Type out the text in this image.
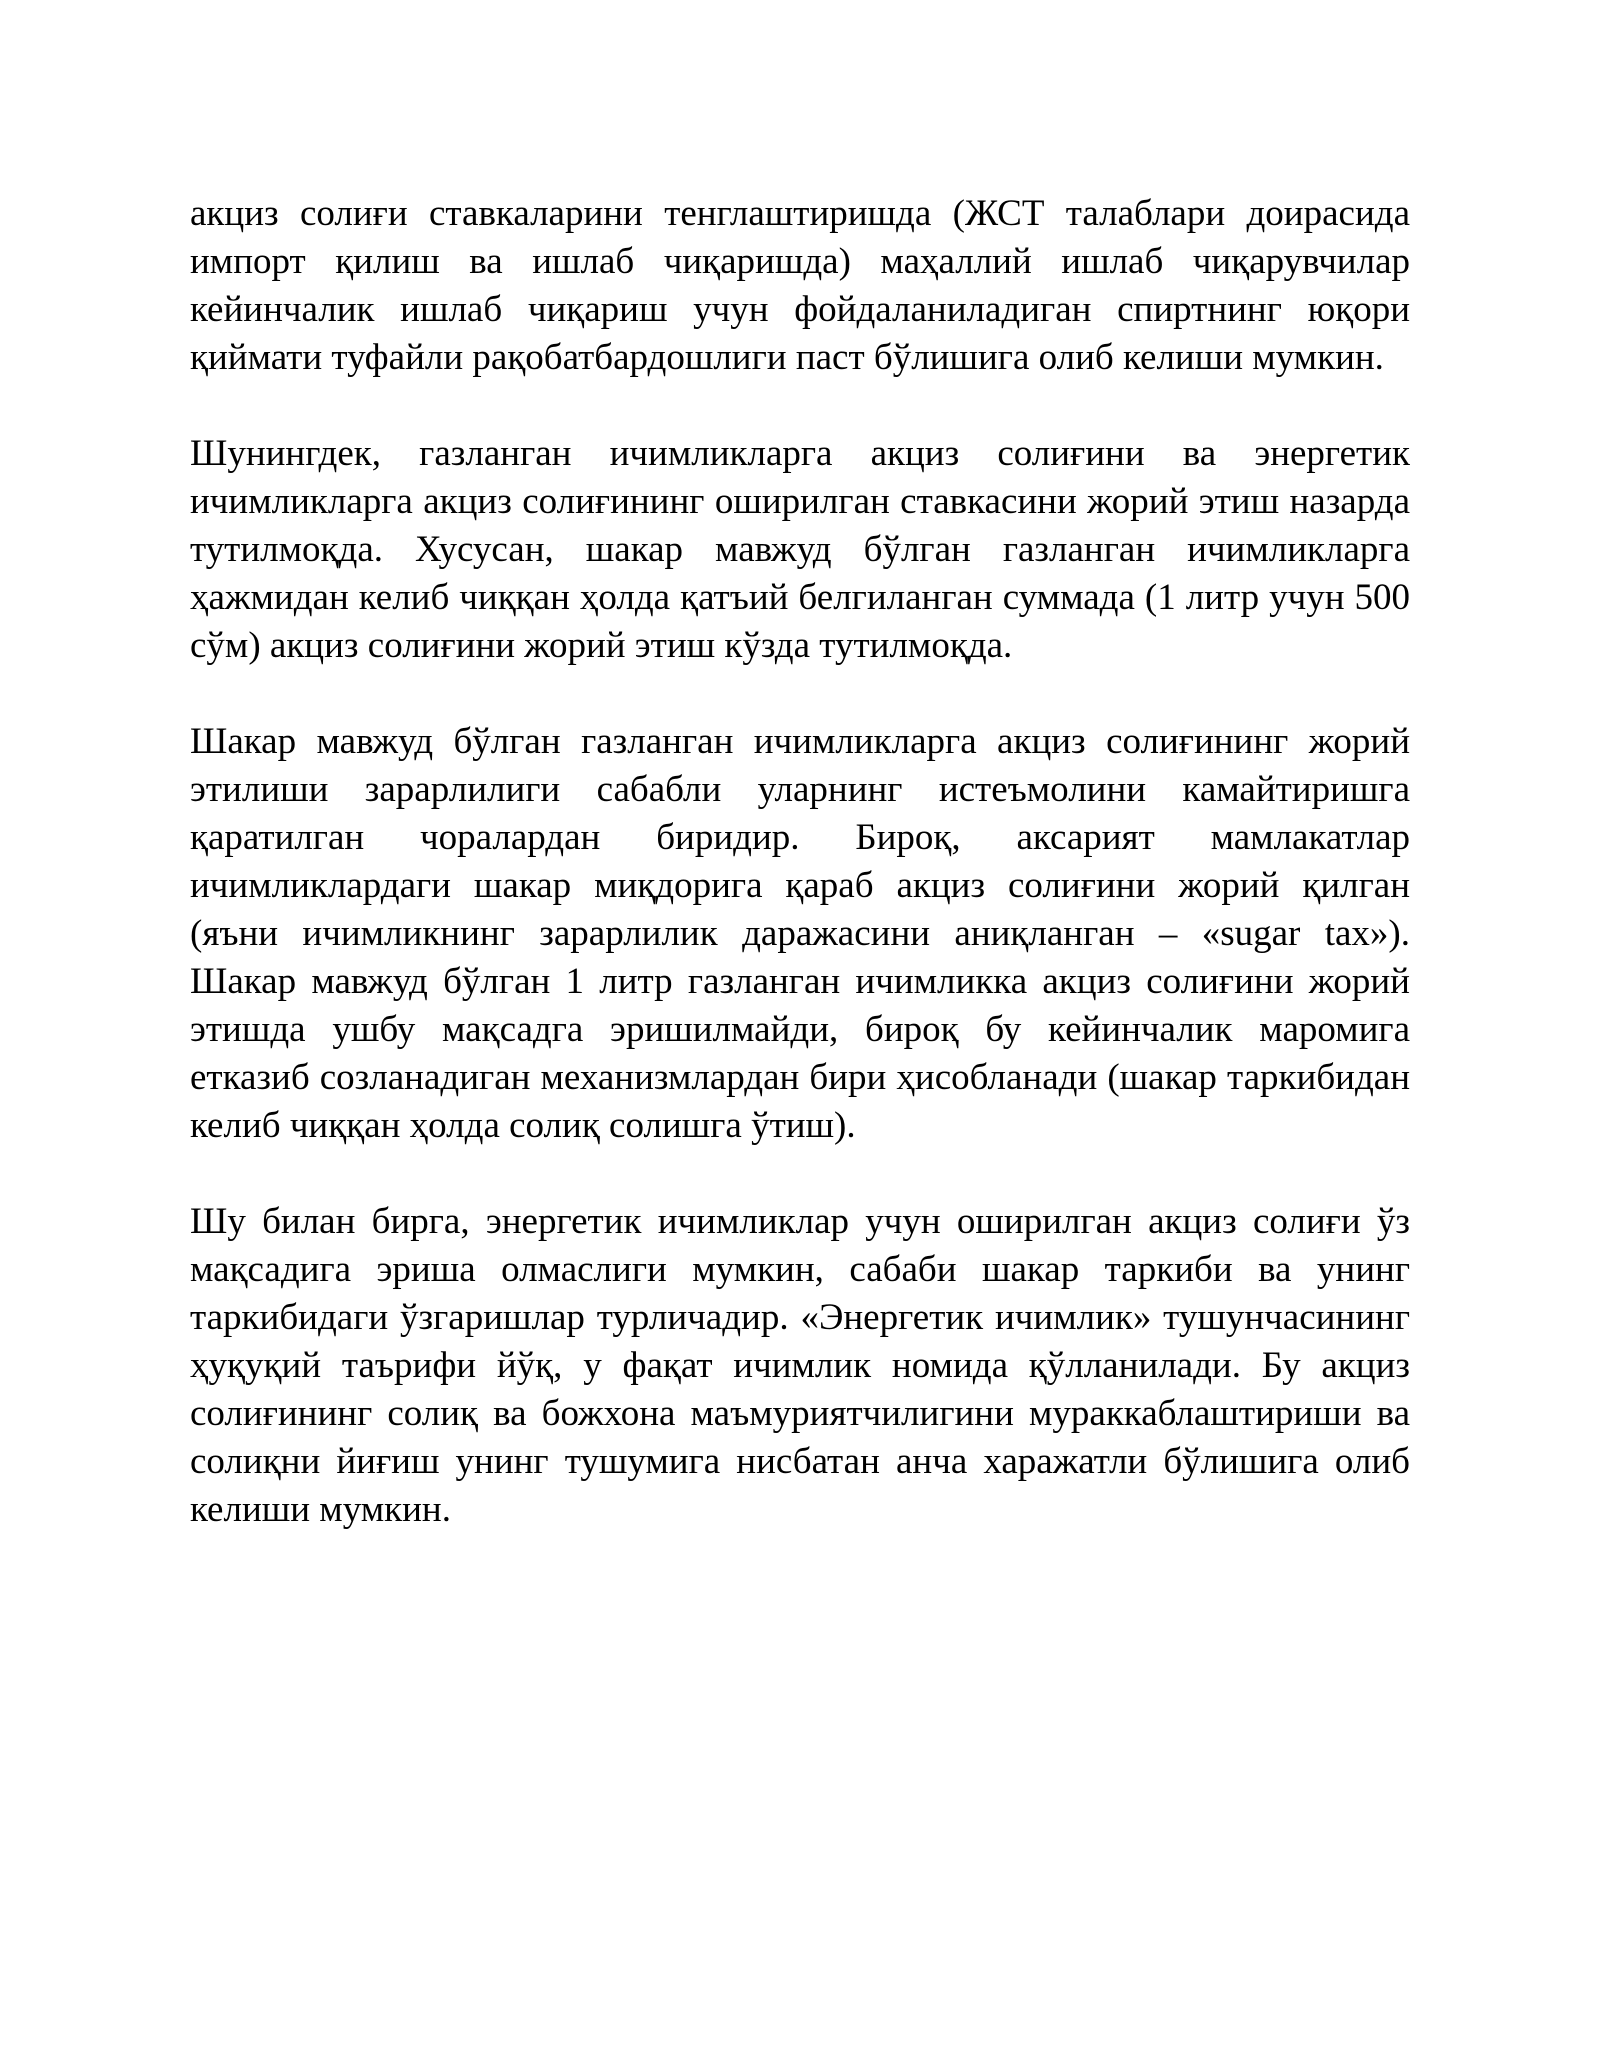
акциз солиғи ставкаларини тенглаштиришда (ЖСТ талаблари доирасида импорт қилиш ва ишлаб чиқаришда) маҳаллий ишлаб чиқарувчилар кейинчалик ишлаб чиқариш учун фойдаланиладиган спиртнинг юқори қиймати туфайли рақобатбардошлиги паст бўлишига олиб келиши мумкин.

Шунингдек, газланган ичимликларга акциз солиғини ва энергетик ичимликларга акциз солиғининг оширилган ставкасини жорий этиш назарда тутилмоқда. Хусусан, шакар мавжуд бўлган газланган ичимликларга ҳажмидан келиб чиққан ҳолда қатъий белгиланган суммада (1 литр учун 500 сўм) акциз солиғини жорий этиш кўзда тутилмоқда.

Шакар мавжуд бўлган газланган ичимликларга акциз солиғининг жорий этилиши зарарлилиги сабабли уларнинг истеъмолини камайтиришга қаратилган чоралардан биридир. Бироқ, аксарият мамлакатлар ичимликлардаги шакар миқдорига қараб акциз солиғини жорий қилган (яъни ичимликнинг зарарлилик даражасини аниқланган – «sugar tax»). Шакар мавжуд бўлган 1 литр газланган ичимликка акциз солиғини жорий этишда ушбу мақсадга эришилмайди, бироқ бу кейинчалик маромига етказиб созланадиган механизмлардан бири ҳисобланади (шакар таркибидан келиб чиққан ҳолда солиқ солишга ўтиш).

Шу билан бирга, энергетик ичимликлар учун оширилган акциз солиғи ўз мақсадига эриша олмаслиги мумкин, сабаби шакар таркиби ва унинг таркибидаги ўзгаришлар турличадир. «Энергетик ичимлик» тушунчасининг ҳуқуқий таърифи йўқ, у фақат ичимлик номида қўлланилади. Бу акциз солиғининг солиқ ва божхона маъмуриятчилигини мураккаблаштириши ва солиқни йиғиш унинг тушумига нисбатан анча харажатли бўлишига олиб келиши мумкин.
